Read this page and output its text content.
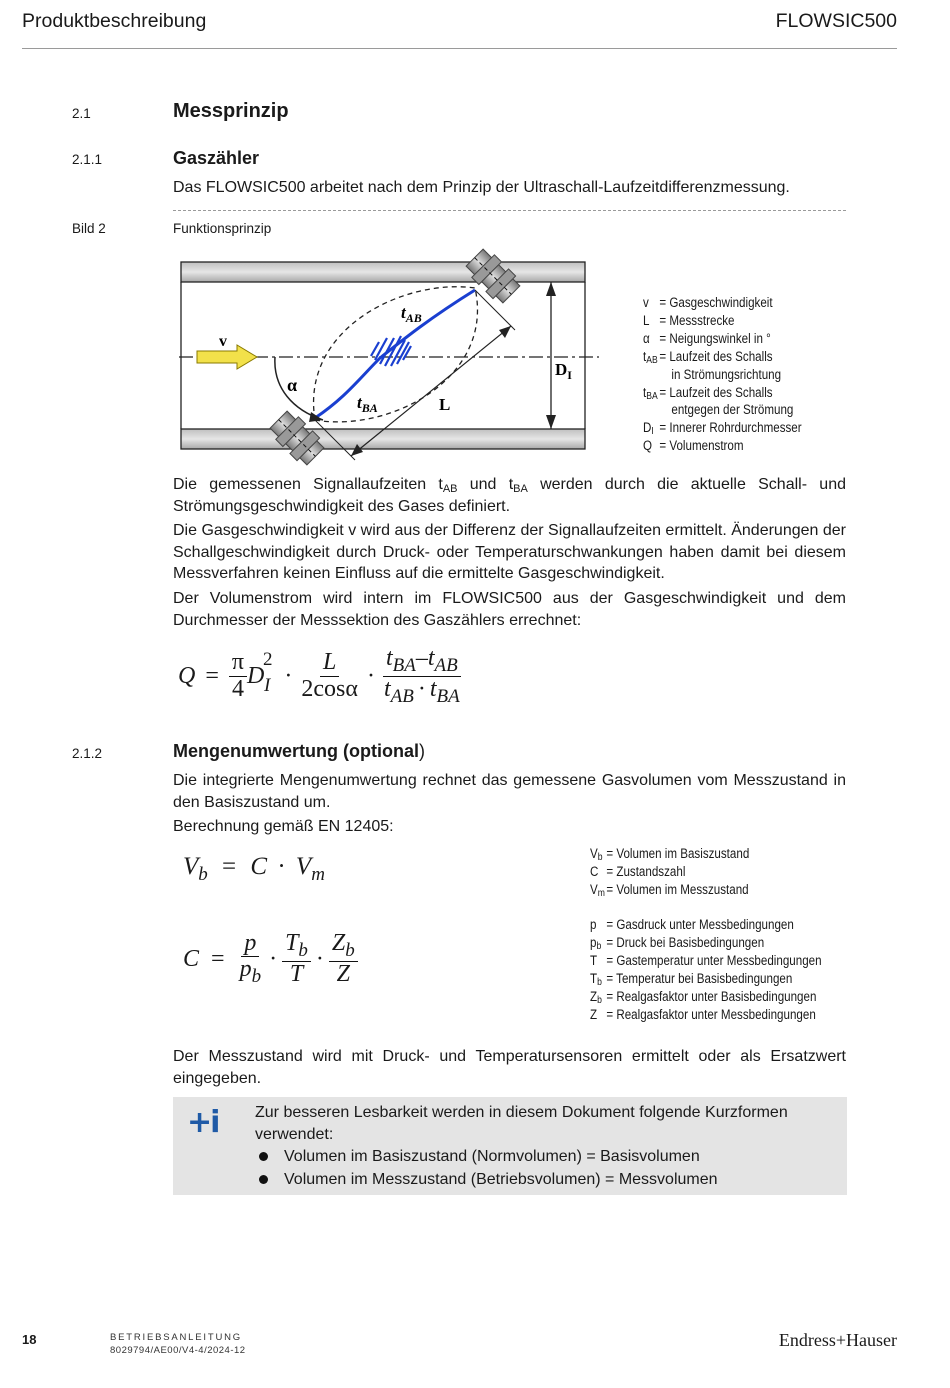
Produktbeschreibung	FLOWSIC500
2.1	Messprinzip
2.1.1	Gaszähler
Das FLOWSIC500 arbeitet nach dem Prinzip der Ultraschall-Laufzeitdifferenzmessung.
Bild 2	Funktionsprinzip
v
α
$t_{AB}$
$t_{BA}$	L
$D_I$
v = Gasgeschwindigkeit
L = Messstrecke
α = Neigungswinkel in °
$t_{AB}$ = Laufzeit des Schalls
in Strömungsrichtung
$t_{BA}$ = Laufzeit des Schalls
entgegen der Strömung
$D_I$ = Innerer Rohrdurchmesser
Q = Volumenstrom
Die gemessenen Signallaufzeiten $t_{AB}$ und $t_{BA}$ werden durch die aktuelle Schall- und Strömungsgeschwindigkeit des Gases definiert.
Die Gasgeschwindigkeit v wird aus der Differenz der Signallaufzeiten ermittelt. Änderungen der Schallgeschwindigkeit durch Druck- oder Temperaturschwankungen haben damit bei diesem Messverfahren keinen Einfluss auf die ermittelte Gasgeschwindigkeit.
Der Volumenstrom wird intern im FLOWSIC500 aus der Gasgeschwindigkeit und dem Durchmesser der Messsektion des Gaszählers errechnet:
$Q = \frac{\pi}{4}$ D
2
I ·
L
2cosα ·
$t_{BA}-t_{AB}$
$t_{AB} \cdot t_{BA}$
2.1.2	Mengenumwertung (optional)
Die integrierte Mengenumwertung rechnet das gemessene Gasvolumen vom Messzustand in den Basiszustand um.
Berechnung gemäß EN 12405:
$V_b = C \cdot V_m$
$C = \frac{p}{p_b}$ ·
$T_b$
T
·
$Z_b$
Z
$V_b$ = Volumen im Basiszustand
C = Zustandszahl
$V_m$ = Volumen im Messzustand
p = Gasdruck unter Messbedingungen
$p_b$ = Druck bei Basisbedingungen
T = Gastemperatur unter Messbedingungen
$T_b$ = Temperatur bei Basisbedingungen
$Z_b$ = Realgasfaktor unter Basisbedingungen
Z = Realgasfaktor unter Messbedingungen
Der Messzustand wird mit Druck- und Temperatursensoren ermittelt oder als Ersatzwert eingegeben.
+i Zur besseren Lesbarkeit werden in diesem Dokument folgende Kurzformen verwendet:
Volumen im Basiszustand (Normvolumen) = Basisvolumen
Volumen im Messzustand (Betriebsvolumen) = Messvolumen
18	BETRIEBSANLEITUNG
8029794/AE00/V4-4/2024-12
Endress+Hauser
